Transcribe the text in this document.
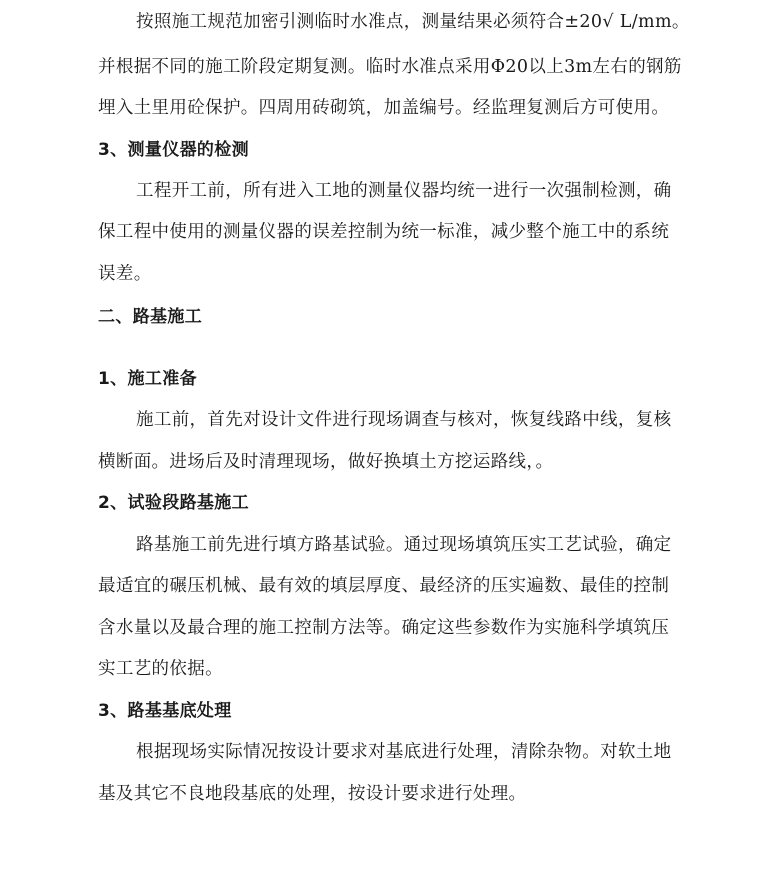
按照施工规范加密引测临时水准点，测量结果必须符合±20√ L/mm。
并根据不同的施工阶段定期复测。临时水准点采用Φ20以上3m左右的钢筋
埋入土里用砼保护。四周用砖砌筑，加盖编号。经监理复测后方可使用。
3、测量仪器的检测
工程开工前，所有进入工地的测量仪器均统一进行一次强制检测，确
保工程中使用的测量仪器的误差控制为统一标准，减少整个施工中的系统
误差。
二、路基施工
1、施工准备
施工前，首先对设计文件进行现场调查与核对，恢复线路中线，复核
横断面。进场后及时清理现场，做好换填土方挖运路线，。
2、试验段路基施工
路基施工前先进行填方路基试验。通过现场填筑压实工艺试验，确定
最适宜的碾压机械、最有效的填层厚度、最经济的压实遍数、最佳的控制
含水量以及最合理的施工控制方法等。确定这些参数作为实施科学填筑压
实工艺的依据。
3、路基基底处理
根据现场实际情况按设计要求对基底进行处理，清除杂物。对软土地
基及其它不良地段基底的处理，按设计要求进行处理。
